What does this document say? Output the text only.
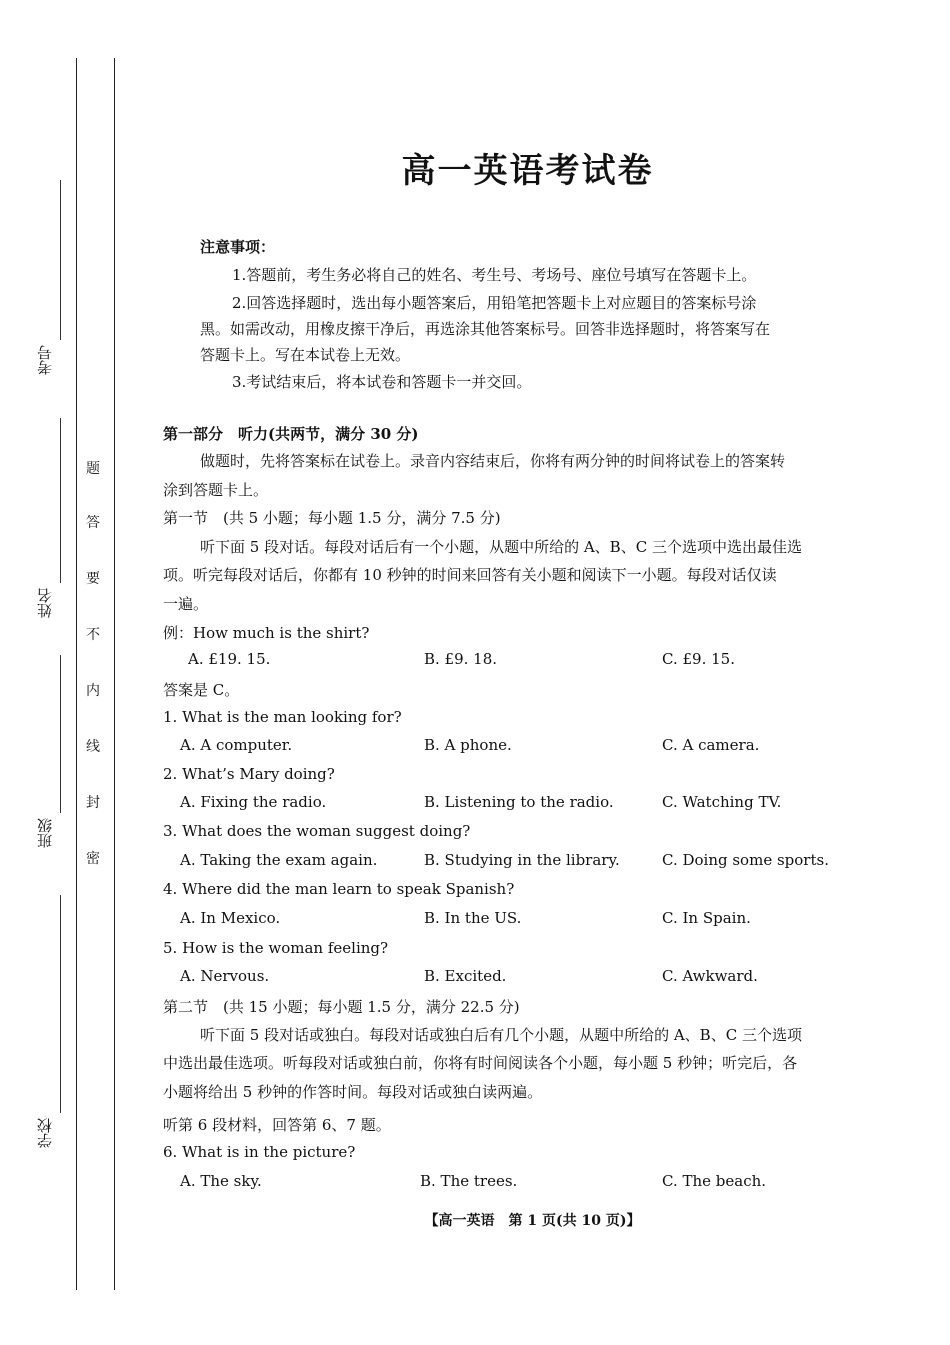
考号
姓名
班级
学校
题
答
要
不
内
线
封
密
高一英语考试卷
注意事项：
1.答题前，考生务必将自己的姓名、考生号、考场号、座位号填写在答题卡上。
2.回答选择题时，选出每小题答案后，用铅笔把答题卡上对应题目的答案标号涂
黑。如需改动，用橡皮擦干净后，再选涂其他答案标号。回答非选择题时，将答案写在
答题卡上。写在本试卷上无效。
3.考试结束后，将本试卷和答题卡一并交回。
第一部分　听力(共两节，满分 30 分)
做题时，先将答案标在试卷上。录音内容结束后，你将有两分钟的时间将试卷上的答案转
涂到答题卡上。
第一节　(共 5 小题；每小题 1.5 分，满分 7.5 分)
听下面 5 段对话。每段对话后有一个小题，从题中所给的 A、B、C 三个选项中选出最佳选
项。听完每段对话后，你都有 10 秒钟的时间来回答有关小题和阅读下一小题。每段对话仅读
一遍。
例：How much is the shirt?
A. £19. 15.	B. £9. 18.	C. £9. 15.
答案是 C。
1. What is the man looking for?
A. A computer.	B. A phone.	C. A camera.
2. What’s Mary doing?
A. Fixing the radio.	B. Listening to the radio.	C. Watching TV.
3. What does the woman suggest doing?
A. Taking the exam again.	B. Studying in the library.	C. Doing some sports.
4. Where did the man learn to speak Spanish?
A. In Mexico.	B. In the US.	C. In Spain.
5. How is the woman feeling?
A. Nervous.	B. Excited.	C. Awkward.
第二节　(共 15 小题；每小题 1.5 分，满分 22.5 分)
听下面 5 段对话或独白。每段对话或独白后有几个小题，从题中所给的 A、B、C 三个选项
中选出最佳选项。听每段对话或独白前，你将有时间阅读各个小题，每小题 5 秒钟；听完后，各
小题将给出 5 秒钟的作答时间。每段对话或独白读两遍。
听第 6 段材料，回答第 6、7 题。
6. What is in the picture?
A. The sky.	B. The trees.	C. The beach.
【高一英语　第 1 页(共 10 页)】
